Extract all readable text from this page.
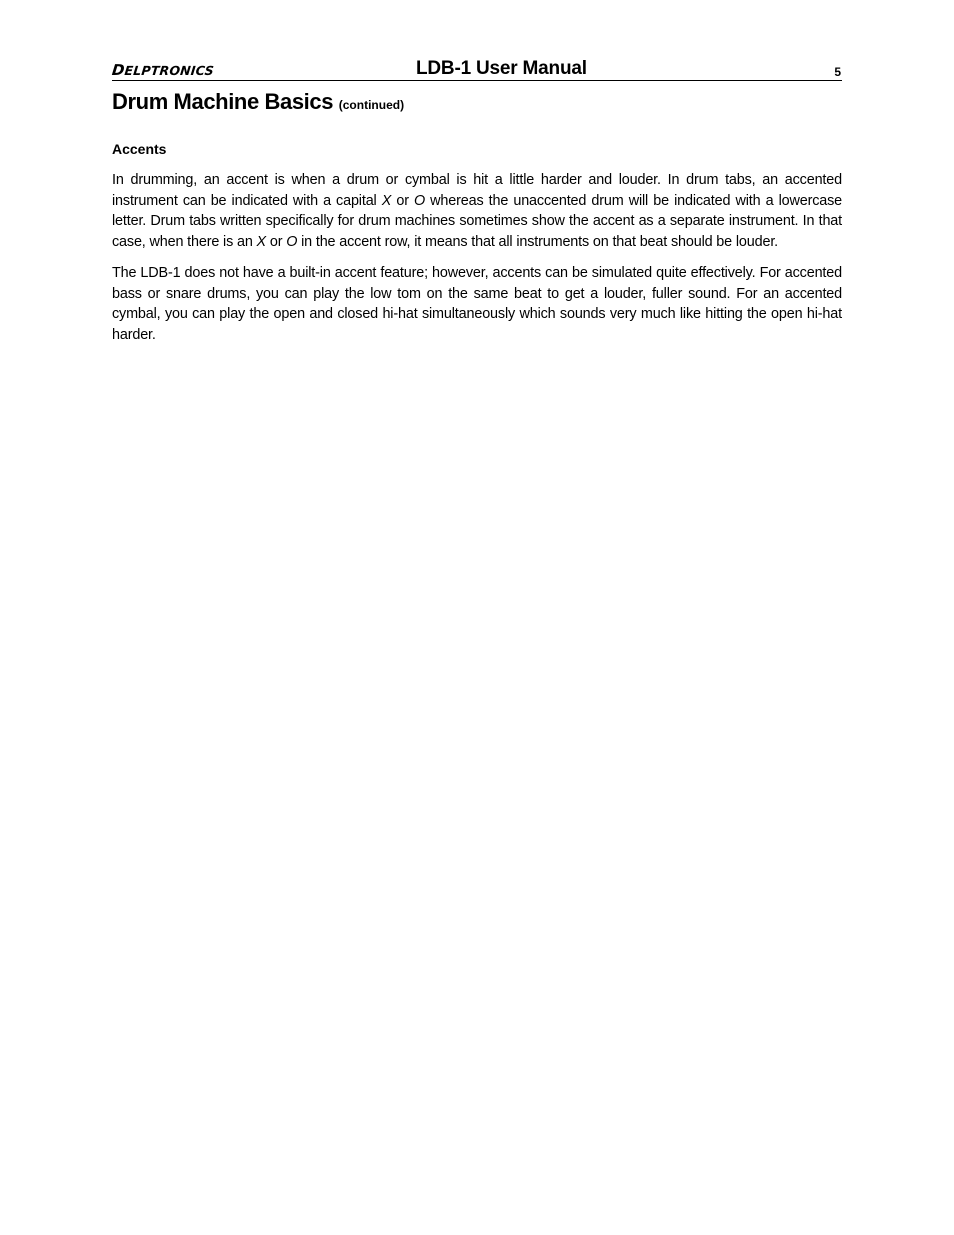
DELPTRONICS	LDB-1 User Manual	5
Drum Machine Basics (continued)
Accents

In drumming, an accent is when a drum or cymbal is hit a little harder and louder. In drum tabs, an accented instrument can be indicated with a capital X or O whereas the unaccented drum will be indicated with a lowercase letter. Drum tabs written specifically for drum machines sometimes show the accent as a separate instrument. In that case, when there is an X or O in the accent row, it means that all instruments on that beat should be louder.

The LDB-1 does not have a built-in accent feature; however, accents can be simulated quite effectively. For accented bass or snare drums, you can play the low tom on the same beat to get a louder, fuller sound. For an accented cymbal, you can play the open and closed hi-hat simultaneously which sounds very much like hitting the open hi-hat harder.
